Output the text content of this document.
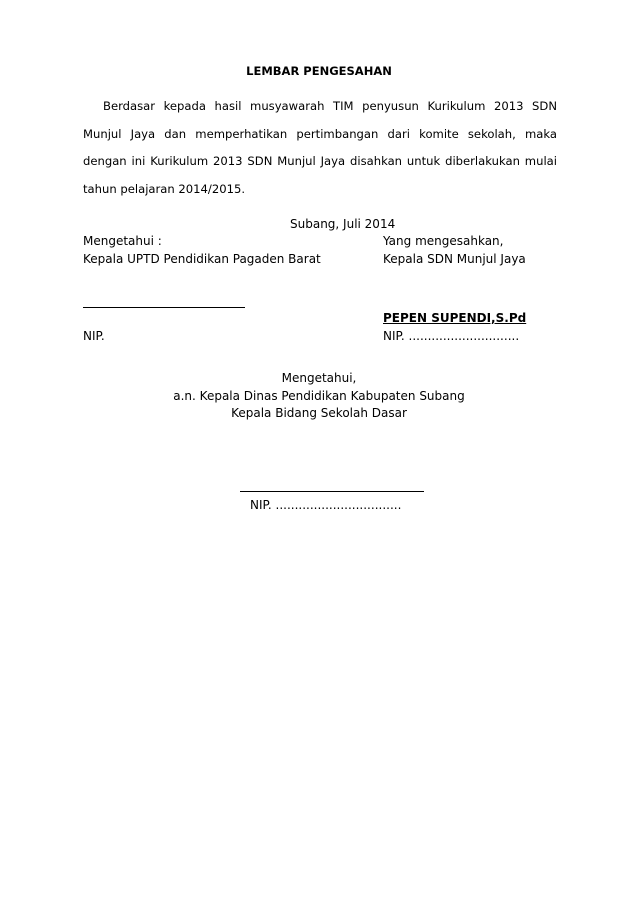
LEMBAR PENGESAHAN
Berdasar kepada hasil musyawarah TIM penyusun Kurikulum 2013 SDN Munjul Jaya dan memperhatikan pertimbangan dari komite sekolah, maka dengan ini Kurikulum 2013 SDN Munjul Jaya disahkan untuk diberlakukan mulai tahun pelajaran 2014/2015.
Subang, Juli 2014
Mengetahui :
Kepala UPTD Pendidikan Pagaden Barat
Yang mengesahkan,
Kepala SDN Munjul Jaya
NIP.
PEPEN SUPENDI,S.Pd
NIP. .............................
Mengetahui,
a.n. Kepala Dinas Pendidikan Kabupaten Subang
Kepala Bidang Sekolah Dasar
NIP. .................................
